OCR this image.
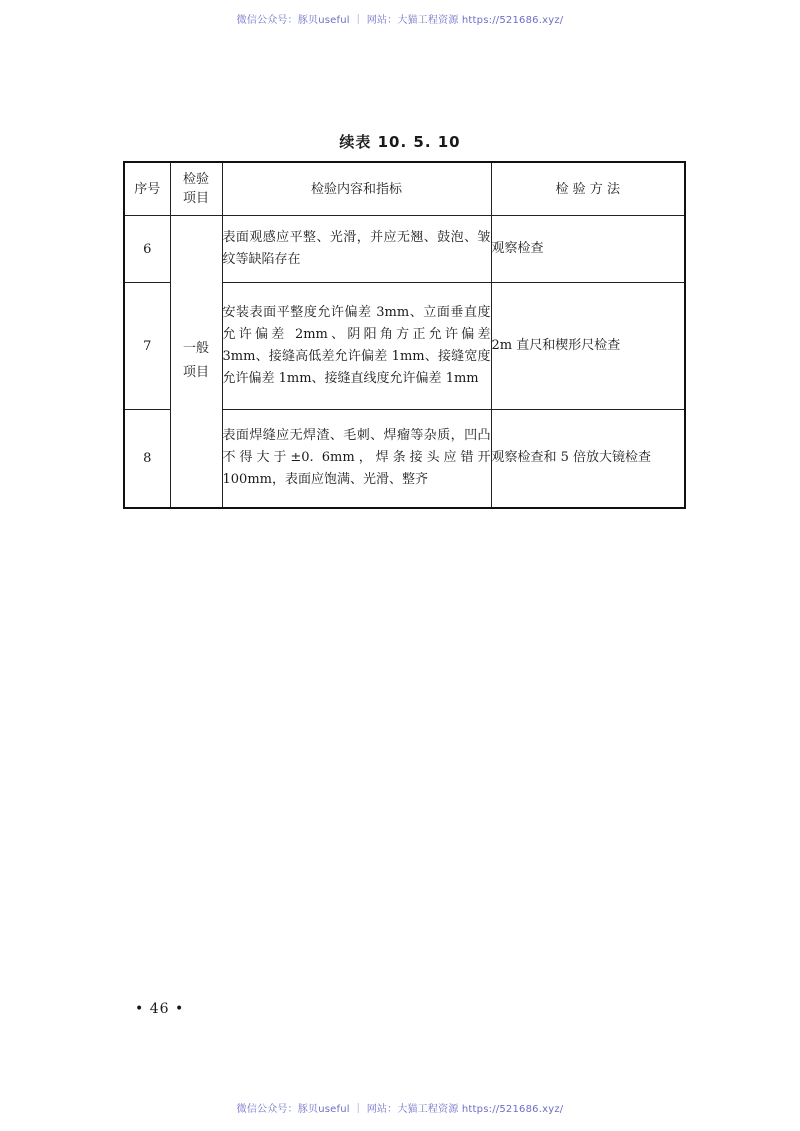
微信公众号：豚贝useful ｜ 网站：大猫工程资源 https://521686.xyz/
续表 10. 5. 10
序号	检验 项目	检验内容和指标	检 验 方 法
6	一般 项目	表面观感应平整、光滑，并应无翘、鼓泡、皱纹等缺陷存在	观察检查
7		安装表面平整度允许偏差 3mm、立面垂直度允许偏差 2mm、阴阳角方正允许偏差 3mm、接缝高低差允许偏差 1mm、接缝宽度允许偏差 1mm、接缝直线度允许偏差 1mm	2m 直尺和楔形尺检查
8		表面焊缝应无焊渣、毛刺、焊瘤等杂质，凹凸不得大于±0. 6mm，焊条接头应错开 100mm，表面应饱满、光滑、整齐	观察检查和 5 倍放大镜检查
• 46 •
微信公众号：豚贝useful ｜ 网站：大猫工程资源 https://521686.xyz/
